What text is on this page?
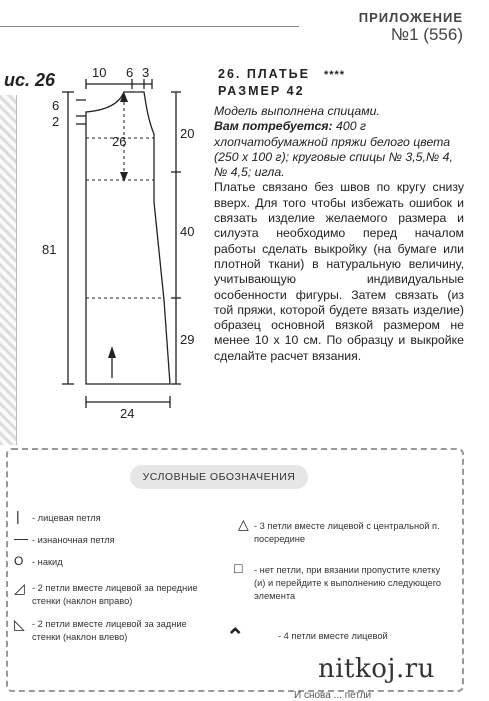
ПРИЛОЖЕНИЕ
№1 (556)
ис. 26	10 6 3
6
2
26
81
20
40
29
24
26. ПЛАТЬЕ ****
РАЗМЕР 42

Модель выполнена спицами.

Вам потребуется: 400 г хлопчатобумажной пряжи белого цвета (250 х 100 г); круговые спицы № 3,5,№ 4, № 4,5; игла.

Платье связано без швов по кругу снизу вверх. Для того чтобы избежать ошибок и связать изделие желаемого размера и силуэта необходимо перед началом работы сделать выкройку (на бумаге или плотной ткани) в натуральную величину, учитывающую индивидуальные особенности фигуры. Затем связать (из той пряжи, которой будете вязать изделие) образец основной вязкой размером не менее 10 х 10 см. По образцу и выкройке сделайте расчет вязания.

УСЛОВНЫЕ ОБОЗНАЧЕНИЯ
| - лицевая петля
— - изнаночная петля
O - накид
◿ - 2 петли вместе лицевой за передние стенки (наклон вправо)
◺ - 2 петли вместе лицевой за задние стенки (наклон влево)
△ - 3 петли вместе лицевой с центральной п. посередине
□ - нет петли, при вязании пропустите клетку (и) и перейдите к выполнению следующего элемента
⌃	- 4 петли вместе лицевой
nitkoj.ru
И снова ... петли
